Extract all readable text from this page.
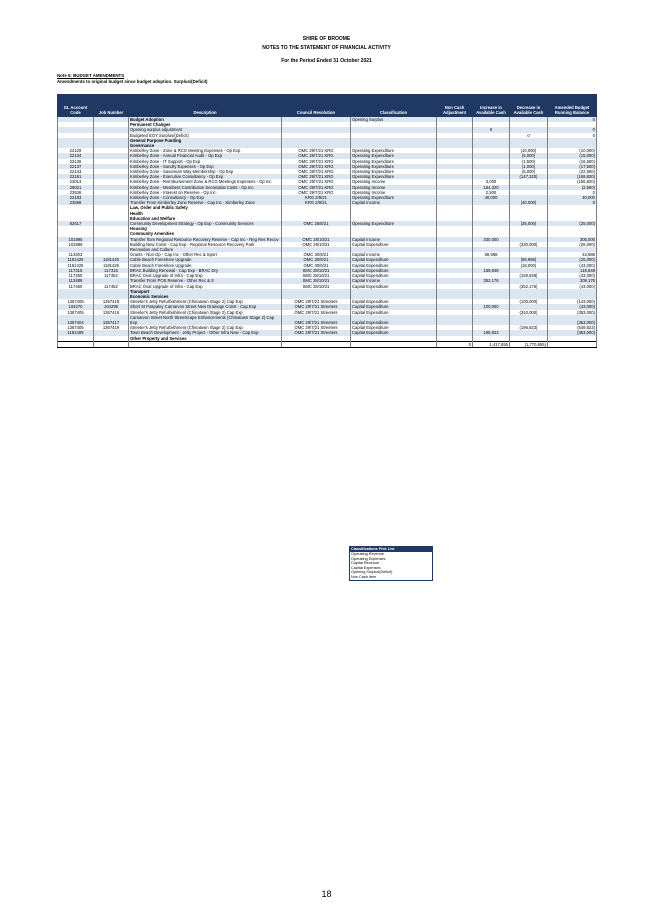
SHIRE OF BROOME
NOTES TO THE STATEMENT OF FINANCIAL ACTIVITY
For the Period Ended 31 October 2021
Note 5: BUDGET AMENDMENTS
Amendments to original budget since budget adoption. Surplus/(Deficit)
GL Account Code	Job Number	Description	Council Resolution	Classification	Non Cash Adjustment	Increase in Available Cash	Decrease in Available Cash	Amended Budget Running Balance
		Budget Adoption		Opening Surplus				0
		Permanent Changes						
		Opening surplus adjustment				0		0
		Budgeted EOY Surplus/(Deficit)					0	0
		General Purpose Funding						

		Governance						
22129		Kimberley Zone - Zone & RCG Meeting Expenses - Op Exp	OMC 29/7/21 KRG	Operating Expenditure			(10,000)	(10,000)
22134		Kimberley Zone - Annual Financial Audit - Op Exp	OMC 29/7/21 KRG	Operating Expenditure			(5,000)	(15,000)
22136		Kimberley Zone - IT Support - Op Exp	OMC 29/7/21 KRG	Operating Expenditure			(1,500)	(16,500)
22137		Kimberley Zone - Sundry Expenses - Op Exp	OMC 29/7/21 KRG	Operating Expenditure			(1,000)	(17,500)
22143		Kimberley Zone - Savannah Way Membership - Op Exp	OMC 29/7/21 KRG	Operating Expenditure			(5,000)	(22,500)
22181		Kimberley Zone - Executive Consultancy - Op Exp	OMC 29/7/21 KRG	Operating Expenditure			(147,320)	(169,820)
23013		Kimberley Zone - Reimbursement Zone & RCG Meetings Expenses - Op Inc	OMC 29/7/21 KRG	Operating Income		3,000		(166,820)
29021		Kimberley Zone - Members Contribution Secretariat Costs - Op Inc	OMC 29/7/21 KRG	Operating Income		164,320		(2,500)
23536		Kimberley Zone - Interest on Reserve - Op Inc.	OMC 29/7/21 KRG	Operating Income		2,500		0
22183		Kimberley Zone - Consultancy - Op Exp	KRG 2/9/21	Operating Expenditure		40,000		40,000

23598		Transfer From Kimberley Zone Reserve - Cap Inc - Kimberley Zone	KRG 2/9/21	Capital Income			(40,000)	0
		Law, Order and Public Safety						

		Health						

		Education and Welfare						
82617		Community Development Strategy - Op Exp - Community Services	OMC 26/8/21	Operating Expenditure			(25,000)	(25,000)
		Housing						

		Community Amenities						
101995		Transfer from Regional Resource Recovery Reserve - Cap Inc - Reg Res Recov	OMC 28/10/21	Capital Income		330,000		305,000
101896		Building New Const - Cap Exp - Regional Resource Recovery Park	OMC 28/10/21	Capital Expenditure			(330,000)	(25,000)
		Recreation and Culture						
113403		Grants - Non Op - Cap Inc - Other Rec & Sport	OMC 30/9/21	Capital Income		68,988		43,988
1181425	1181426	Cable Beach Foreshore Upgrade	OMC 30/9/21	Capital Expenditure			(68,988)	(25,000)
1181425	1181426	Cable Beach Foreshore Upgrade	OMC 30/9/21	Capital Expenditure			(18,000)	(43,000)
117315	117316	BRAC Building Renewal - Cap Exp - BRAC Dry	SMC 28/10/21	Capital Expenditure		159,848		116,848
117450	117452	BRAC Oval Upgrade of Infra - Cap Exp	SMC 28/10/21	Capital Expenditure			(159,848)	(43,000)
113489		Transfer From POS Reserve - Other Rec & S	SMC 28/10/21	Capital Income		352,176		309,176
117450	117452	BRAC Oval Upgrade of Infra - Cap Exp	SMC 28/10/21	Capital Expenditure			(352,176)	(43,000)
		Transport						

		Economic Services						
1367405	1367419	Streeter's Jetty Refurbishment (Chinatown Stage 2) Cap Exp	OMC 29/7/21 Streeters	Capital Expenditure			(100,000)	(143,000)
104270	104299	Short St Paspaley Carnarvon Street New Drainage Const - Cap Exp	OMC 29/7/21 Streeters	Capital Expenditure		100,000		(43,000)
1367405	1367419	Streeter's Jetty Refurbishment (Chinatown Stage 2) Cap Exp	OMC 29/7/21 Streeters	Capital Expenditure			(310,000)	(353,000)
1367404	1367417	Carnarvon Street North Streetscape Enhancements (Chinatown Stage 2) Cap Exp	OMC 29/7/21 Streeters	Capital Expenditure				(353,000)
1367405	1367419	Streeter's Jetty Refurbishment (Chinatown Stage 2) Cap Exp	OMC 29/7/21 Streeters	Capital Expenditure			(196,823)	(549,823)
1181409		Town Beach Development - Jetty Project - Other Infra New - Cap Exp	OMC 29/7/21 Streeters	Capital Expenditure		196,823		(353,000)
		Other Property and Services						

					0	1,417,655	(1,770,655)	
Classifications Pick List
Operating Revenue
Operating Expenses
Capital Revenue
Capital Expenses
Opening Surplus(Deficit)
Non Cash Item
18
